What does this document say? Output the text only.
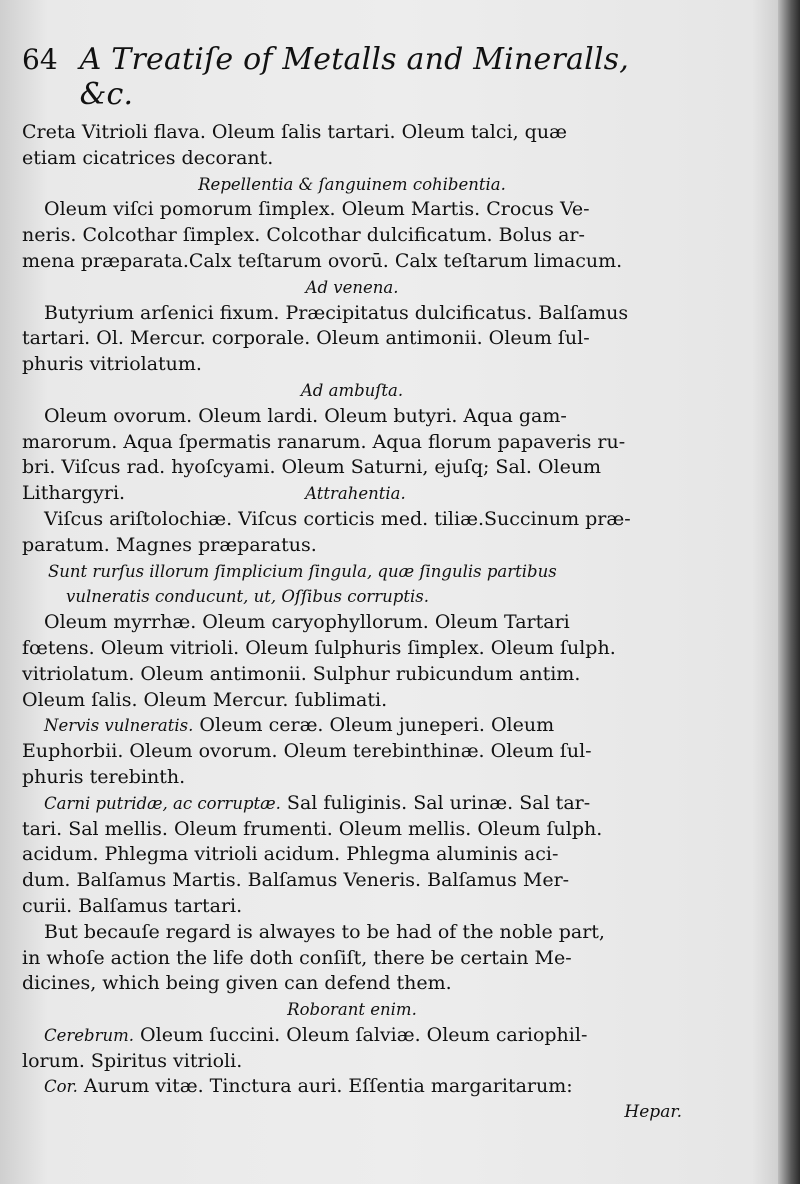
64 A Treatiſe of Metalls and Mineralls, &c.
Creta Vitrioli flava. Oleum ſalis tartari. Oleum talci, quæ
etiam cicatrices decorant.
Repellentia & ſanguinem cohibentia.
Oleum viſci pomorum ſimplex. Oleum Martis. Crocus Ve-
neris. Colcothar ſimplex. Colcothar dulcificatum. Bolus ar-
mena præparata.Calx teſtarum ovorū. Calx teſtarum limacum.
Ad venena.
Butyrium arſenici fixum. Præcipitatus dulcificatus. Balſamus
tartari. Ol. Mercur. corporale. Oleum antimonii. Oleum ſul-
phuris vitriolatum.
Ad ambuſta.
Oleum ovorum. Oleum lardi. Oleum butyri. Aqua gam-
marorum. Aqua ſpermatis ranarum. Aqua florum papaveris ru-
bri. Viſcus rad. hyoſcyami. Oleum Saturni, ejuſq; Sal. Oleum
Lithargyri.	Attrahentia.
Viſcus ariſtolochiæ. Viſcus corticis med. tiliæ.Succinum præ-
paratum. Magnes præparatus.
Sunt rurſus illorum ſimplicium ſingula, quæ ſingulis partibus
vulneratis conducunt, ut, Oſſibus corruptis.
Oleum myrrhæ. Oleum caryophyllorum. Oleum Tartari
fœtens. Oleum vitrioli. Oleum ſulphuris ſimplex. Oleum ſulph.
vitriolatum. Oleum antimonii. Sulphur rubicundum antim.
Oleum ſalis. Oleum Mercur. ſublimati.
Nervis vulneratis. Oleum ceræ. Oleum juneperi. Oleum
Euphorbii. Oleum ovorum. Oleum terebinthinæ. Oleum ſul-
phuris terebinth.
Carni putridæ, ac corruptæ. Sal fuliginis. Sal urinæ. Sal tar-
tari. Sal mellis. Oleum frumenti. Oleum mellis. Oleum ſulph.
acidum. Phlegma vitrioli acidum. Phlegma aluminis aci-
dum. Balſamus Martis. Balſamus Veneris. Balſamus Mer-
curii. Balſamus tartari.
But becauſe regard is alwayes to be had of the noble part,
in whoſe action the life doth conſiſt, there be certain Me-
dicines, which being given can defend them.
Roborant enim.
Cerebrum. Oleum ſuccini. Oleum ſalviæ. Oleum cariophil-
lorum. Spiritus vitrioli.
Cor. Aurum vitæ. Tinctura auri. Eſſentia margaritarum:
Hepar.
